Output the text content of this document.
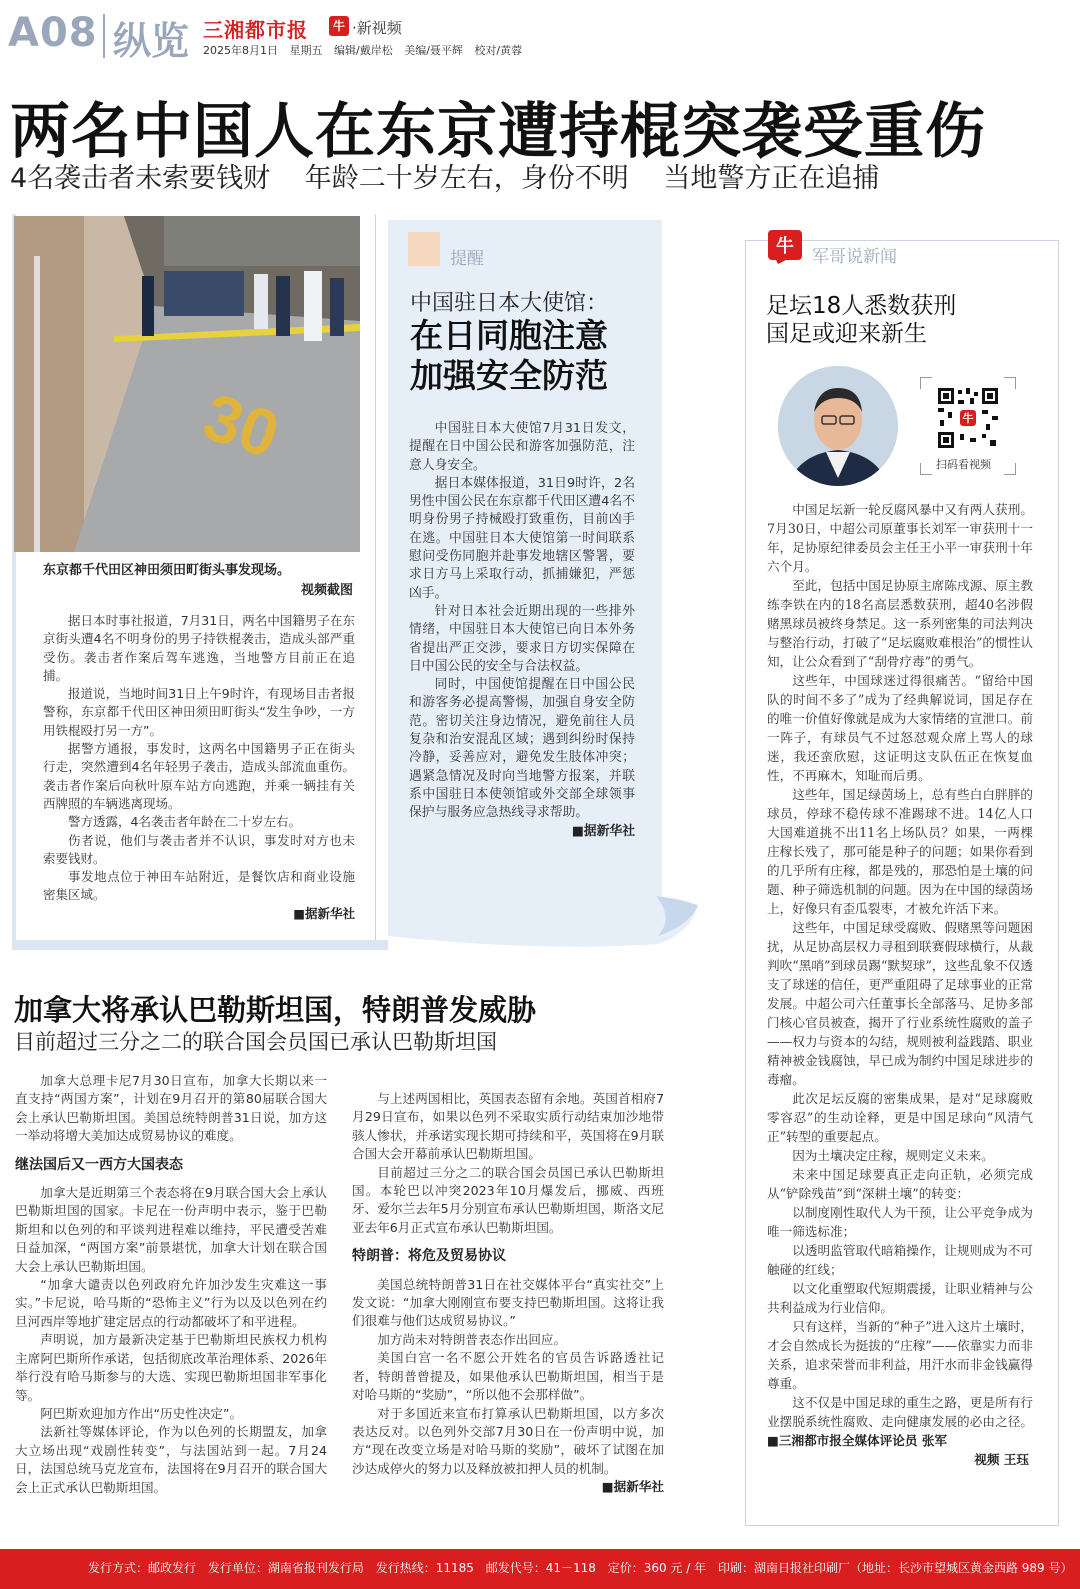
A08 纵览 三湘都市报	牛 ·新视频
2025年8月1日 星期五 编辑/戴岸松 美编/聂平辉 校对/黄蓉
两名中国人在东京遭持棍突袭受重伤
4名袭击者未索要钱财 年龄二十岁左右，身份不明 当地警方正在追捕
30
东京都千代田区神田须田町街头事发现场。
视频截图

据日本时事社报道，7月31日，两名中国籍男子在东京街头遭4名不明身份的男子持铁棍袭击，造成头部严重受伤。袭击者作案后驾车逃逸，当地警方目前正在追捕。

报道说，当地时间31日上午9时许，有现场目击者报警称，东京都千代田区神田须田町街头“发生争吵，一方用铁棍殴打另一方”。

据警方通报，事发时，这两名中国籍男子正在街头行走，突然遭到4名年轻男子袭击，造成头部流血重伤。袭击者作案后向秋叶原车站方向逃跑，并乘一辆挂有关西牌照的车辆逃离现场。

警方透露，4名袭击者年龄在二十岁左右。

伤者说，他们与袭击者并不认识，事发时对方也未索要钱财。

事发地点位于神田车站附近，是餐饮店和商业设施密集区域。

■据新华社
提醒
中国驻日本大使馆：
在日同胞注意
加强安全防范

中国驻日本大使馆7月31日发文，提醒在日中国公民和游客加强防范，注意人身安全。

据日本媒体报道，31日9时许，2名男性中国公民在东京都千代田区遭4名不明身份男子持械殴打致重伤，目前凶手在逃。中国驻日本大使馆第一时间联系慰问受伤同胞并赴事发地辖区警署，要求日方马上采取行动，抓捕嫌犯，严惩凶手。

针对日本社会近期出现的一些排外情绪，中国驻日本大使馆已向日本外务省提出严正交涉，要求日方切实保障在日中国公民的安全与合法权益。

同时，中国使馆提醒在日中国公民和游客务必提高警惕，加强自身安全防范。密切关注身边情况，避免前往人员复杂和治安混乱区域；遇到纠纷时保持冷静，妥善应对，避免发生肢体冲突；遇紧急情况及时向当地警方报案，并联系中国驻日本使领馆或外交部全球领事保护与服务应急热线寻求帮助。

■据新华社
牛 军哥说新闻
足坛18人悉数获刑
国足或迎来新生
牛
扫码看视频

中国足坛新一轮反腐风暴中又有两人获刑。7月30日，中超公司原董事长刘军一审获刑十一年，足协原纪律委员会主任王小平一审获刑十年六个月。

至此，包括中国足协原主席陈戌源、原主教练李铁在内的18名高层悉数获刑，超40名涉假赌黑球员被终身禁足。这一系列密集的司法判决与整治行动，打破了“足坛腐败难根治”的惯性认知，让公众看到了“刮骨疗毒”的勇气。

这些年，中国球迷过得很痛苦。“留给中国队的时间不多了”成为了经典解说词，国足存在的唯一价值好像就是成为大家情绪的宣泄口。前一阵子，有球员气不过怒怼观众席上骂人的球迷，我还蛮欣慰，这证明这支队伍正在恢复血性，不再麻木，知耻而后勇。

这些年，国足绿茵场上，总有些白白胖胖的球员，停球不稳传球不准踢球不进。14亿人口大国难道挑不出11名上场队员？如果，一两棵庄稼长残了，那可能是种子的问题；如果你看到的几乎所有庄稼，都是残的，那恐怕是土壤的问题、种子筛选机制的问题。因为在中国的绿茵场上，好像只有歪瓜裂枣，才被允许活下来。

这些年，中国足球受腐败、假赌黑等问题困扰，从足协高层权力寻租到联赛假球横行，从裁判吹“黑哨”到球员踢“默契球”，这些乱象不仅透支了球迷的信任，更严重阻碍了足球事业的正常发展。中超公司六任董事长全部落马、足协多部门核心官员被查，揭开了行业系统性腐败的盖子——权力与资本的勾结，规则被利益践踏、职业精神被金钱腐蚀，早已成为制约中国足球进步的毒瘤。

此次足坛反腐的密集成果，是对“足球腐败零容忍”的生动诠释，更是中国足球向“风清气正”转型的重要起点。

因为土壤决定庄稼，规则定义未来。

未来中国足球要真正走向正轨，必须完成从“铲除残苗”到“深耕土壤”的转变：

以制度刚性取代人为干预，让公平竞争成为唯一筛选标准；

以透明监管取代暗箱操作，让规则成为不可触碰的红线；

以文化重塑取代短期震援，让职业精神与公共利益成为行业信仰。

只有这样，当新的“种子”进入这片土壤时，才会自然成长为挺拔的“庄稼”——依靠实力而非关系，追求荣誉而非利益，用汗水而非金钱赢得尊重。

这不仅是中国足球的重生之路，更是所有行业摆脱系统性腐败、走向健康发展的必由之径。 ■三湘都市报全媒体评论员 张军

视频 王珏
加拿大将承认巴勒斯坦国，特朗普发威胁
目前超过三分之二的联合国会员国已承认巴勒斯坦国

加拿大总理卡尼7月30日宣布，加拿大长期以来一直支持“两国方案”，计划在9月召开的第80届联合国大会上承认巴勒斯坦国。美国总统特朗普31日说，加方这一举动将增大美加达成贸易协议的难度。

继法国后又一西方大国表态

加拿大是近期第三个表态将在9月联合国大会上承认巴勒斯坦国的国家。卡尼在一份声明中表示，鉴于巴勒斯坦和以色列的和平谈判进程难以维持，平民遭受苦难日益加深，“两国方案”前景堪忧，加拿大计划在联合国大会上承认巴勒斯坦国。

“加拿大谴责以色列政府允许加沙发生灾难这一事实。”卡尼说，哈马斯的“恐怖主义”行为以及以色列在约旦河西岸等地扩建定居点的行动都破坏了和平进程。

声明说，加方最新决定基于巴勒斯坦民族权力机构主席阿巴斯所作承诺，包括彻底改革治理体系、2026年举行没有哈马斯参与的大选、实现巴勒斯坦国非军事化等。

阿巴斯欢迎加方作出“历史性决定”。

法新社等媒体评论，作为以色列的长期盟友，加拿大立场出现“戏剧性转变”，与法国站到一起。7月24日，法国总统马克龙宣布，法国将在9月召开的联合国大会上正式承认巴勒斯坦国。

与上述两国相比，英国表态留有余地。英国首相府7月29日宣布，如果以色列不采取实质行动结束加沙地带骇人惨状，并承诺实现长期可持续和平，英国将在9月联合国大会开幕前承认巴勒斯坦国。

目前超过三分之二的联合国会员国已承认巴勒斯坦国。本轮巴以冲突2023年10月爆发后，挪威、西班牙、爱尔兰去年5月分别宣布承认巴勒斯坦国，斯洛文尼亚去年6月正式宣布承认巴勒斯坦国。

特朗普：将危及贸易协议

美国总统特朗普31日在社交媒体平台“真实社交”上发文说：“加拿大刚刚宣布要支持巴勒斯坦国。这将让我们很难与他们达成贸易协议。”

加方尚未对特朗普表态作出回应。

美国白宫一名不愿公开姓名的官员告诉路透社记者，特朗普曾提及，如果他承认巴勒斯坦国，相当于是对哈马斯的“奖励”，“所以他不会那样做”。

对于多国近来宣布打算承认巴勒斯坦国，以方多次表达反对。以色列外交部7月30日在一份声明中说，加方“现在改变立场是对哈马斯的奖励”，破坏了试图在加沙达成停火的努力以及释放被扣押人员的机制。

■据新华社
发行方式：邮政发行 发行单位：湖南省报刊发行局 发行热线：11185 邮发代号：41－118 定价：360 元 / 年 印刷：湖南日报社印刷厂（地址：长沙市望城区黄金西路 989 号）
